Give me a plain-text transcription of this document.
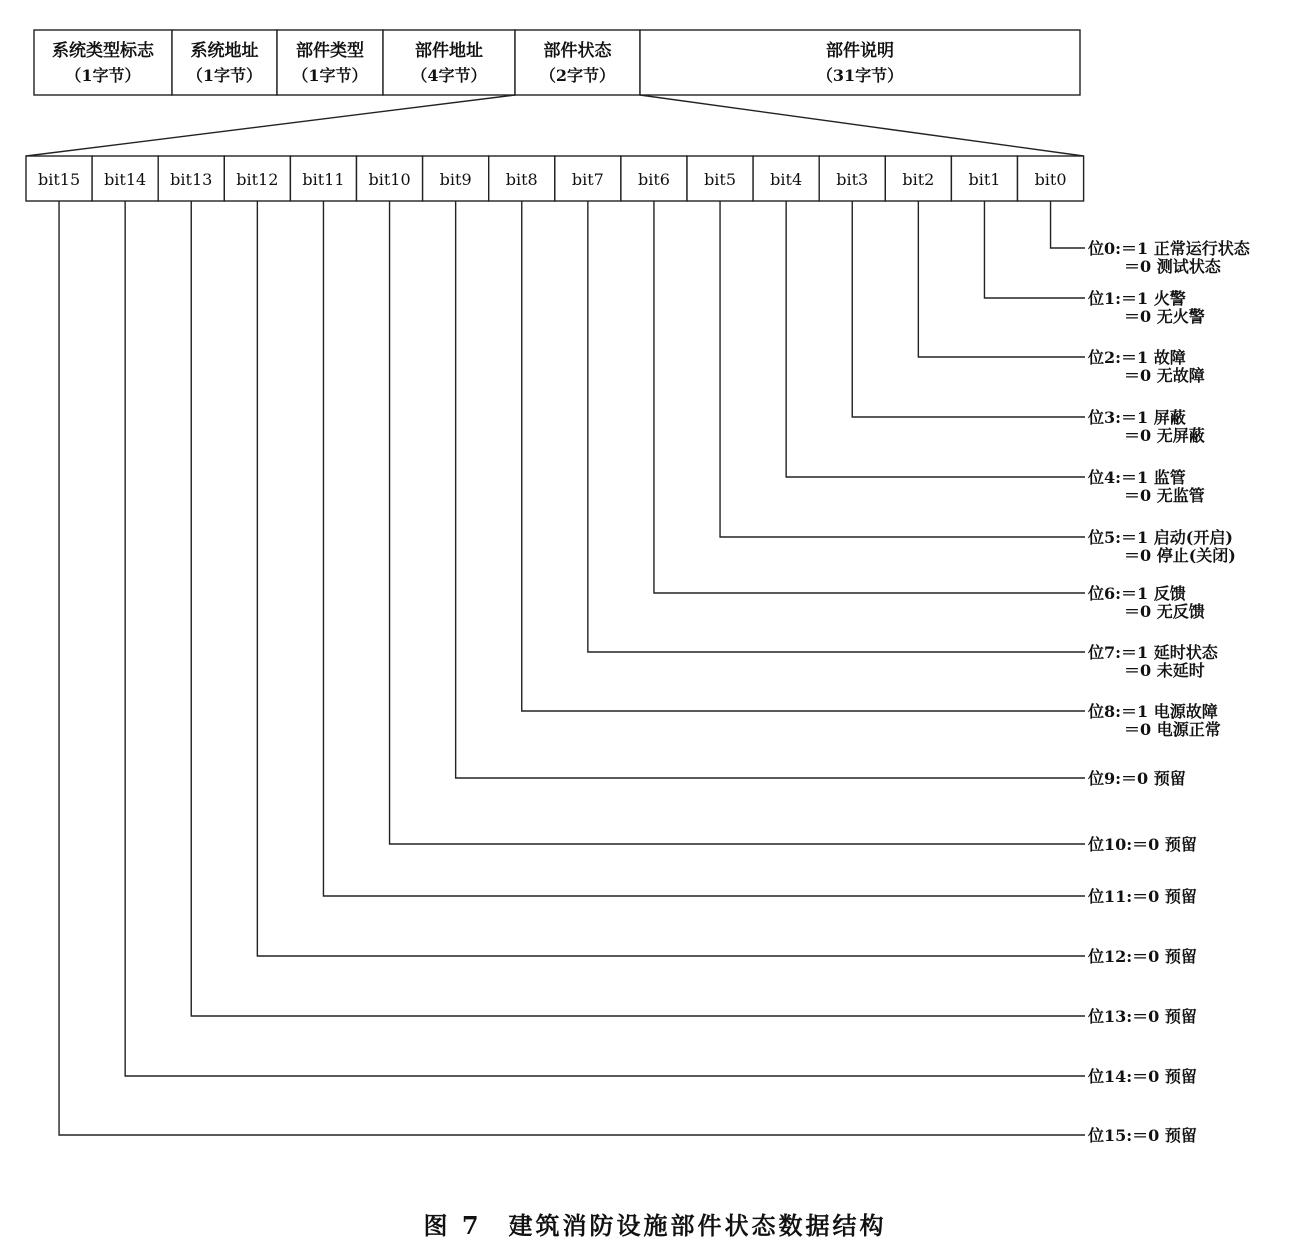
系统类型标志
（1字节）
系统地址
（1字节）
部件类型
（1字节）
部件地址
（4字节）
部件状态
（2字节）
部件说明
（31字节）
bit15 bit14 bit13 bit12 bit11 bit10 bit9 bit8 bit7 bit6 bit5 bit4 bit3 bit2 bit1 bit0
位0:＝1 正常运行状态
＝0 测试状态
位1:＝1 火警
＝0 无火警
位2:＝1 故障
＝0 无故障
位3:＝1 屏蔽
＝0 无屏蔽
位4:＝1 监管
＝0 无监管
位5:＝1 启动(开启)
＝0 停止(关闭)
位6:＝1 反馈
＝0 无反馈
位7:＝1 延时状态
＝0 未延时
位8:＝1 电源故障
＝0 电源正常
位9:＝0 预留
位10:＝0 预留
位11:＝0 预留
位12:＝0 预留
位13:＝0 预留
位14:＝0 预留
位15:＝0 预留
图 7　建筑消防设施部件状态数据结构
